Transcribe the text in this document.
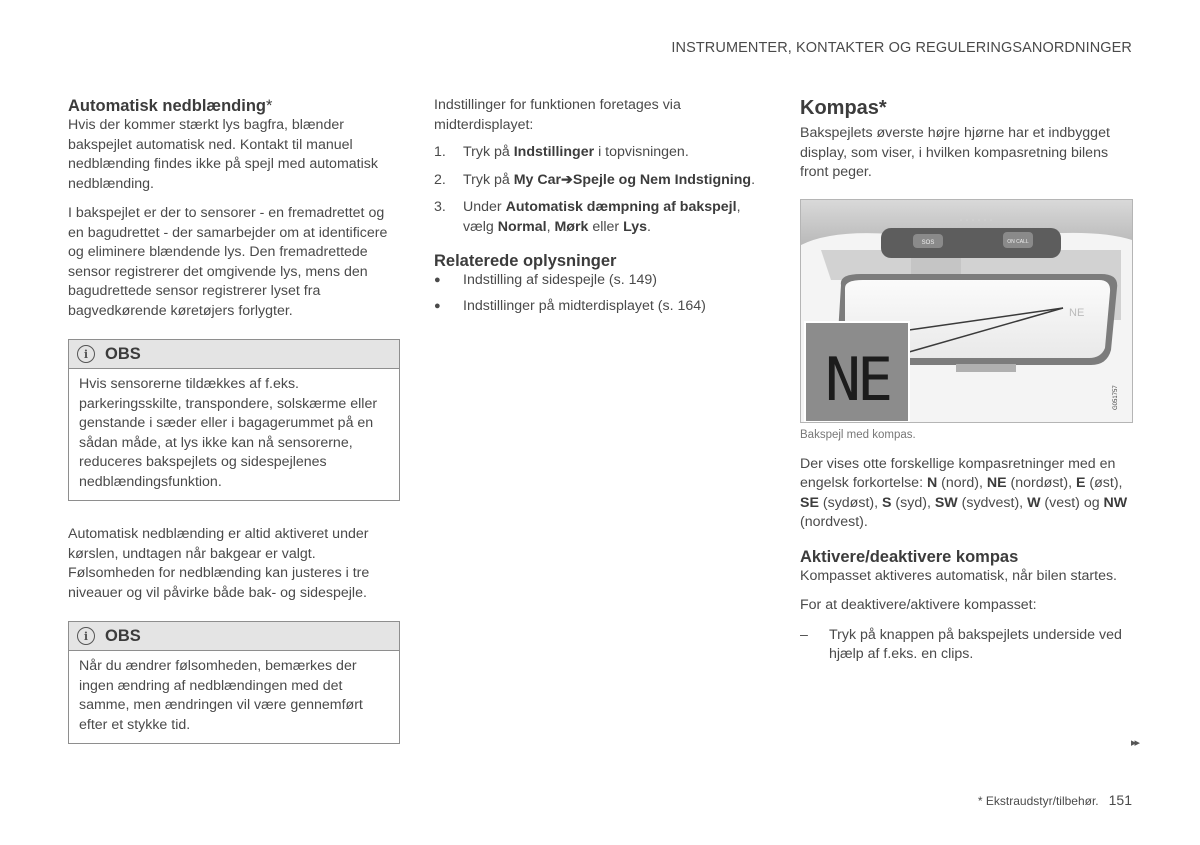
INSTRUMENTER, KONTAKTER OG REGULERINGSANORDNINGER
Automatisk nedblænding*

Hvis der kommer stærkt lys bagfra, blænder bakspejlet automatisk ned. Kontakt til manuel nedblænding findes ikke på spejl med automatisk nedblænding.

I bakspejlet er der to sensorer - en fremadrettet og en bagudrettet - der samarbejder om at identificere og eliminere blændende lys. Den fremadrettede sensor registrerer det omgivende lys, mens den bagudrettede sensor registrerer lyset fra bagvedkørende køretøjers forlygter.

i	OBS
Hvis sensorerne tildækkes af f.eks. parkeringsskilte, transpondere, solskærme eller genstande i sæder eller i bagagerummet på en sådan måde, at lys ikke kan nå sensorerne, reduceres bakspejlets og sidespejlenes nedblændingsfunktion.

Automatisk nedblænding er altid aktiveret under kørslen, undtagen når bakgear er valgt. Følsomheden for nedblænding kan justeres i tre niveauer og vil påvirke både bak- og sidespejle.

i	OBS
Når du ændrer følsomheden, bemærkes der ingen ændring af nedblændingen med det samme, men ændringen vil være gennemført efter et stykke tid.

Indstillinger for funktionen foretages via midterdisplayet:

1.	Tryk på Indstillinger i topvisningen.
2.	Tryk på My Car➔Spejle og Nem Indstigning.
3.	Under Automatisk dæmpning af bakspejl, vælg Normal, Mørk eller Lys.
Relaterede oplysninger
●	Indstilling af sidespejle (s. 149)
●	Indstillinger på midterdisplayet (s. 164)
Kompas*

Bakspejlets øverste højre hjørne har et indbygget display, som viser, i hvilken kompasretning bilens front peger.

SOS	ON CALL
NE
NE	G051757
Bakspejl med kompas.

Der vises otte forskellige kompasretninger med en engelsk forkortelse: N (nord), NE (nordøst), E (øst), SE (sydøst), S (syd), SW (sydvest), W (vest) og NW (nordvest).

Aktivere/deaktivere kompas

Kompasset aktiveres automatisk, når bilen startes.

For at deaktivere/aktivere kompasset:

–	Tryk på knappen på bakspejlets underside ved hjælp af f.eks. en clips.
▸▸
* Ekstraudstyr/tilbehør. 151
